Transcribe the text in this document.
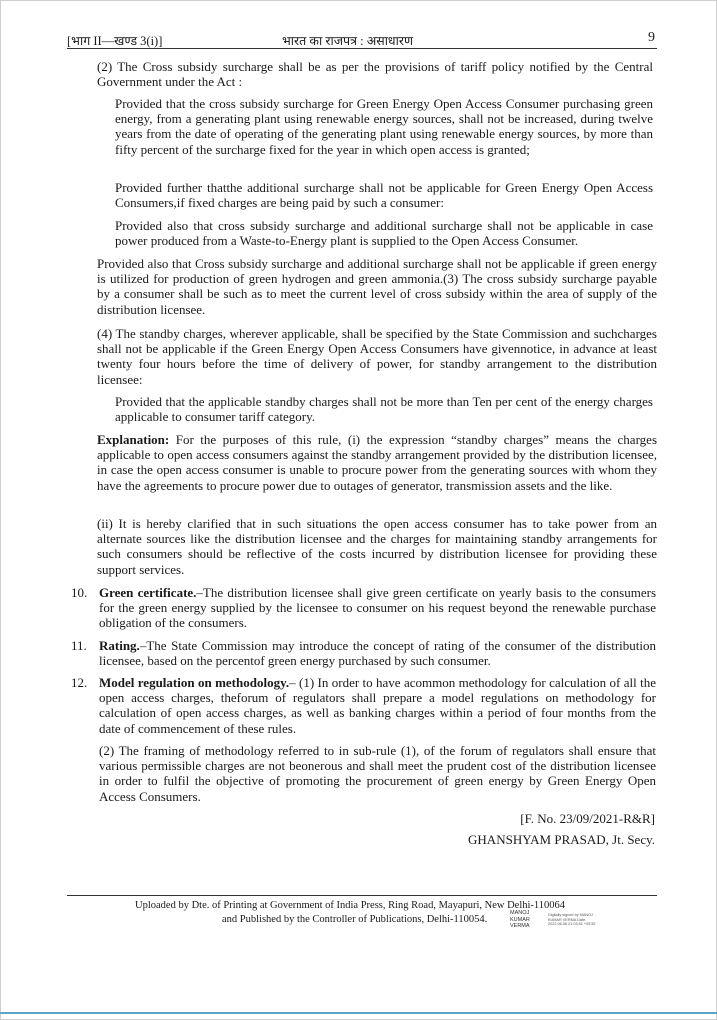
[भाग II—खण्ड 3(i)]	भारत का राजपत्र : असाधारण	9

(2) The Cross subsidy surcharge shall be as per the provisions of tariff policy notified by the Central Government under the Act :

Provided that the cross subsidy surcharge for Green Energy Open Access Consumer purchasing green energy, from a generating plant using renewable energy sources, shall not be increased, during twelve years from the date of operating of the generating plant using renewable energy sources, by more than fifty percent of the surcharge fixed for the year in which open access is granted;

Provided further thatthe additional surcharge shall not be applicable for Green Energy Open Access Consumers,if fixed charges are being paid by such a consumer:

Provided also that cross subsidy surcharge and additional surcharge shall not be applicable in case power produced from a Waste-to-Energy plant is supplied to the Open Access Consumer.

Provided also that Cross subsidy surcharge and additional surcharge shall not be applicable if green energy is utilized for production of green hydrogen and green ammonia.(3) The cross subsidy surcharge payable by a consumer shall be such as to meet the current level of cross subsidy within the area of supply of the distribution licensee.

(4) The standby charges, wherever applicable, shall be specified by the State Commission and suchcharges shall not be applicable if the Green Energy Open Access Consumers have givennotice, in advance at least twenty four hours before the time of delivery of power, for standby arrangement to the distribution licensee:

Provided that the applicable standby charges shall not be more than Ten per cent of the energy charges applicable to consumer tariff category.

Explanation: For the purposes of this rule, (i) the expression “standby charges” means the charges applicable to open access consumers against the standby arrangement provided by the distribution licensee, in case the open access consumer is unable to procure power from the generating sources with whom they have the agreements to procure power due to outages of generator, transmission assets and the like.

(ii) It is hereby clarified that in such situations the open access consumer has to take power from an alternate sources like the distribution licensee and the charges for maintaining standby arrangements for such consumers should be reflective of the costs incurred by distribution licensee for providing these support services.

10. Green certificate.–The distribution licensee shall give green certificate on yearly basis to the consumers for the green energy supplied by the licensee to consumer on his request beyond the renewable purchase obligation of the consumers.

11. Rating.–The State Commission may introduce the concept of rating of the consumer of the distribution licensee, based on the percentof green energy purchased by such consumer.

12. Model regulation on methodology.– (1) In order to have acommon methodology for calculation of all the open access charges, theforum of regulators shall prepare a model regulations on methodology for calculation of open access charges, as well as banking charges within a period of four months from the date of commencement of these rules.

(2) The framing of methodology referred to in sub-rule (1), of the forum of regulators shall ensure that various permissible charges are not beonerous and shall meet the prudent cost of the distribution licensee in order to fulfil the objective of promoting the procurement of green energy by Green Energy Open Access Consumers.

[F. No. 23/09/2021-R&R]
GHANSHYAM PRASAD, Jt. Secy.
Uploaded by Dte. of Printing at Government of India Press, Ring Road, Mayapuri, New Delhi-110064
and Published by the Controller of Publications, Delhi-110054.
MANOJ KUMAR VERMA
Digitally signed by MANOJ KUMAR VERMA Date: 2022.06.06 21:03:51 +05'30'
